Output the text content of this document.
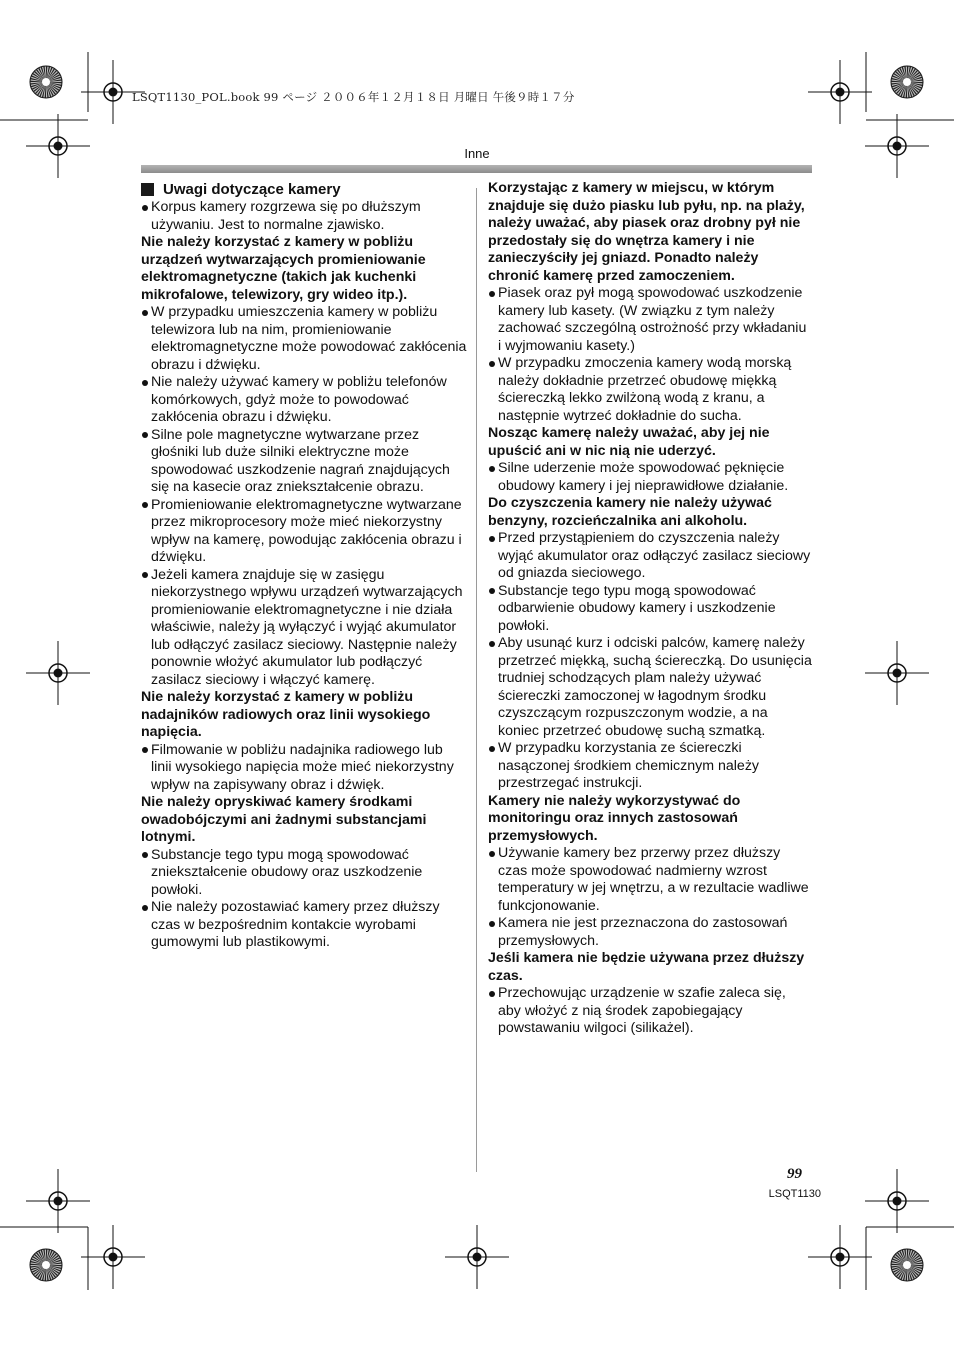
LSQT1130_POL.book 99 ページ ２００６年１２月１８日 月曜日 午後９時１７分
Inne
Uwagi dotyczące kamery

Korpus kamery rozgrzewa się po dłuższym używaniu. Jest to normalne zjawisko.

Nie należy korzystać z kamery w pobliżu urządzeń wytwarzających promieniowanie elektromagnetyczne (takich jak kuchenki mikrofalowe, telewizory, gry wideo itp.).

W przypadku umieszczenia kamery w pobliżu telewizora lub na nim, promieniowanie elektromagnetyczne może powodować zakłócenia obrazu i dźwięku.

Nie należy używać kamery w pobliżu telefonów komórkowych, gdyż może to powodować zakłócenia obrazu i dźwięku.

Silne pole magnetyczne wytwarzane przez głośniki lub duże silniki elektryczne może spowodować uszkodzenie nagrań znajdujących się na kasecie oraz zniekształcenie obrazu.

Promieniowanie elektromagnetyczne wytwarzane przez mikroprocesory może mieć niekorzystny wpływ na kamerę, powodując zakłócenia obrazu i dźwięku.

Jeżeli kamera znajduje się w zasięgu niekorzystnego wpływu urządzeń wytwarzających promieniowanie elektromagnetyczne i nie działa właściwie, należy ją wyłączyć i wyjąć akumulator lub odłączyć zasilacz sieciowy. Następnie należy ponownie włożyć akumulator lub podłączyć zasilacz sieciowy i włączyć kamerę.

Nie należy korzystać z kamery w pobliżu nadajników radiowych oraz linii wysokiego napięcia.

Filmowanie w pobliżu nadajnika radiowego lub linii wysokiego napięcia może mieć niekorzystny wpływ na zapisywany obraz i dźwięk.

Nie należy opryskiwać kamery środkami owadobójczymi ani żadnymi substancjami lotnymi.

Substancje tego typu mogą spowodować zniekształcenie obudowy oraz uszkodzenie powłoki.

Nie należy pozostawiać kamery przez dłuższy czas w bezpośrednim kontakcie wyrobami gumowymi lub plastikowymi.

Korzystając z kamery w miejscu, w którym znajduje się dużo piasku lub pyłu, np. na plaży, należy uważać, aby piasek oraz drobny pył nie przedostały się do wnętrza kamery i nie zanieczyściły jej gniazd. Ponadto należy chronić kamerę przed zamoczeniem.

Piasek oraz pył mogą spowodować uszkodzenie kamery lub kasety. (W związku z tym należy zachować szczególną ostrożność przy wkładaniu i wyjmowaniu kasety.)

W przypadku zmoczenia kamery wodą morską należy dokładnie przetrzeć obudowę miękką ściereczką lekko zwilżoną wodą z kranu, a następnie wytrzeć dokładnie do sucha.

Nosząc kamerę należy uważać, aby jej nie upuścić ani w nic nią nie uderzyć.

Silne uderzenie może spowodować pęknięcie obudowy kamery i jej nieprawidłowe działanie.

Do czyszczenia kamery nie należy używać benzyny, rozcieńczalnika ani alkoholu.

Przed przystąpieniem do czyszczenia należy wyjąć akumulator oraz odłączyć zasilacz sieciowy od gniazda sieciowego.

Substancje tego typu mogą spowodować odbarwienie obudowy kamery i uszkodzenie powłoki.

Aby usunąć kurz i odciski palców, kamerę należy przetrzeć miękką, suchą ściereczką. Do usunięcia trudniej schodzących plam należy używać ściereczki zamoczonej w łagodnym środku czyszczącym rozpuszczonym wodzie, a na koniec przetrzeć obudowę suchą szmatką.

W przypadku korzystania ze ściereczki nasączonej środkiem chemicznym należy przestrzegać instrukcji.

Kamery nie należy wykorzystywać do monitoringu oraz innych zastosowań przemysłowych.

Używanie kamery bez przerwy przez dłuższy czas może spowodować nadmierny wzrost temperatury w jej wnętrzu, a w rezultacie wadliwe funkcjonowanie.

Kamera nie jest przeznaczona do zastosowań przemysłowych.

Jeśli kamera nie będzie używana przez dłuższy czas.

Przechowując urządzenie w szafie zaleca się, aby włożyć z nią środek zapobiegający powstawaniu wilgoci (silikażel).

99
LSQT1130
